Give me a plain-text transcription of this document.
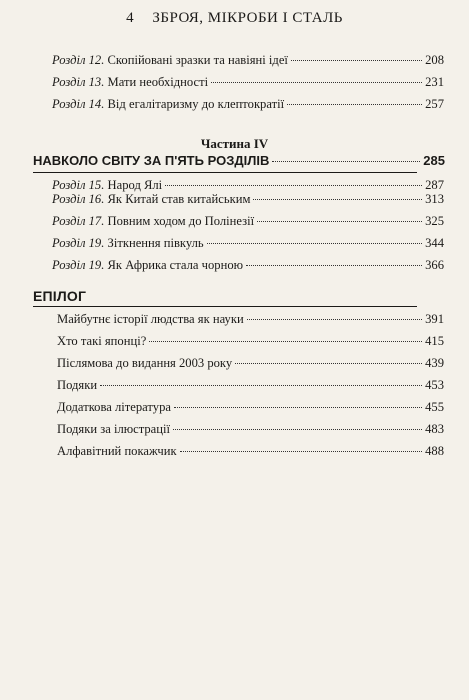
4 ЗБРОЯ, МІКРОБИ І СТАЛЬ
Розділ 12. Скопійовані зразки та навіяні ідеї	208
Розділ 13. Мати необхідності	231
Розділ 14. Від егалітаризму до клептократії	257
Частина IV
НАВКОЛО СВІТУ ЗА П'ЯТЬ РОЗДІЛІВ	285
Розділ 15. Народ Ялі	287
Розділ 16. Як Китай став китайським	313
Розділ 17. Повним ходом до Полінезії	325
Розділ 19. Зіткнення півкуль	344
Розділ 19. Як Африка стала чорною	366
ЕПІЛОГ
Майбутнє історії людства як науки	391
Хто такі японці?	415
Післямова до видання 2003 року	439
Подяки	453
Додаткова література	455
Подяки за ілюстрації	483
Алфавітний покажчик	488
